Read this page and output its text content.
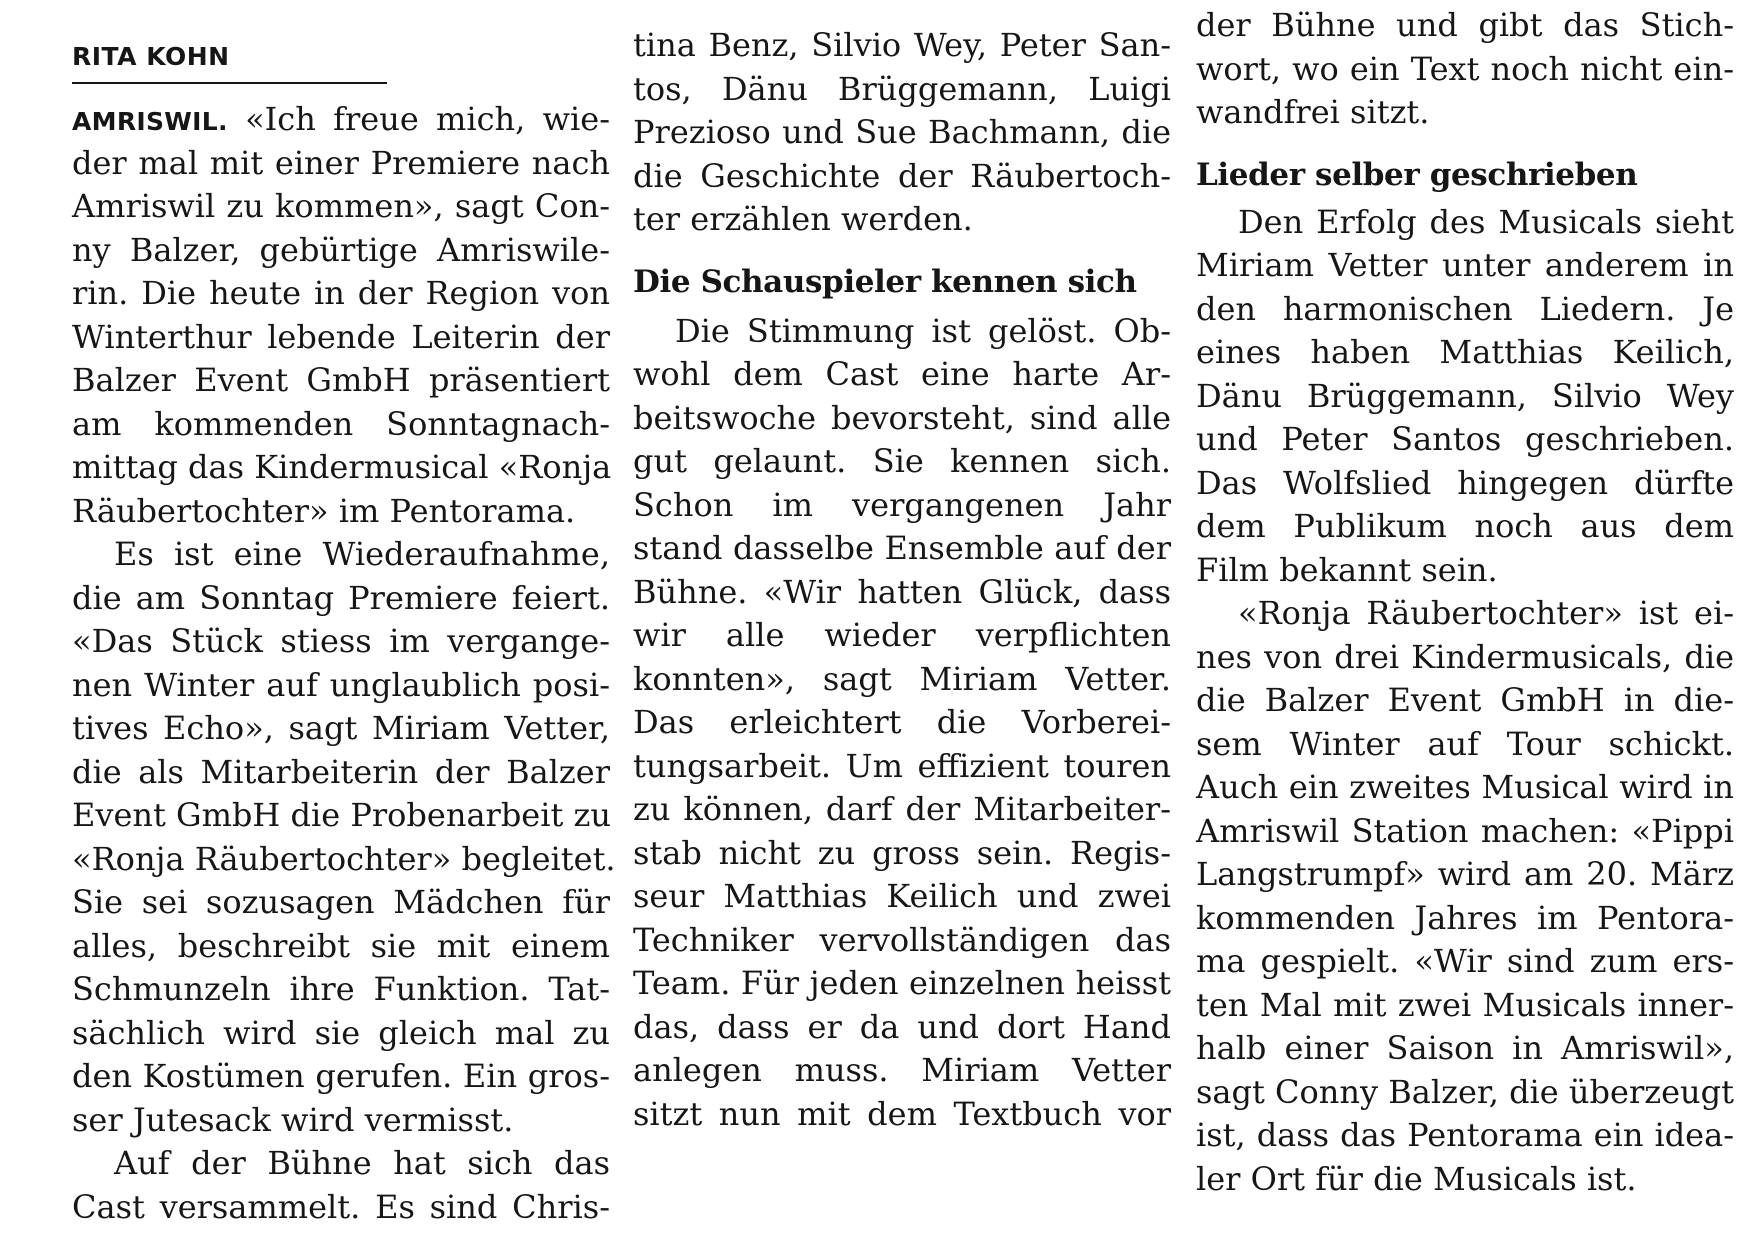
RITA KOHN
AMRISWIL. «Ich freue mich, wie-
der mal mit einer Premiere nach
Amriswil zu kommen», sagt Con-
ny Balzer, gebürtige Amriswile-
rin. Die heute in der Region von
Winterthur lebende Leiterin der
Balzer Event GmbH präsentiert
am kommenden Sonntagnach-
mittag das Kindermusical «Ronja
Räubertochter» im Pentorama.
Es ist eine Wiederaufnahme,
die am Sonntag Premiere feiert.
«Das Stück stiess im vergange-
nen Winter auf unglaublich posi-
tives Echo», sagt Miriam Vetter,
die als Mitarbeiterin der Balzer
Event GmbH die Probenarbeit zu
«Ronja Räubertochter» begleitet.
Sie sei sozusagen Mädchen für
alles, beschreibt sie mit einem
Schmunzeln ihre Funktion. Tat-
sächlich wird sie gleich mal zu
den Kostümen gerufen. Ein gros-
ser Jutesack wird vermisst.
Auf der Bühne hat sich das
Cast versammelt. Es sind Chris-
tina Benz, Silvio Wey, Peter San-
tos, Dänu Brüggemann, Luigi
Prezioso und Sue Bachmann, die
die Geschichte der Räubertoch-
ter erzählen werden.
Die Schauspieler kennen sich
Die Stimmung ist gelöst. Ob-
wohl dem Cast eine harte Ar-
beitswoche bevorsteht, sind alle
gut gelaunt. Sie kennen sich.
Schon im vergangenen Jahr
stand dasselbe Ensemble auf der
Bühne. «Wir hatten Glück, dass
wir alle wieder verpflichten
konnten», sagt Miriam Vetter.
Das erleichtert die Vorberei-
tungsarbeit. Um effizient touren
zu können, darf der Mitarbeiter-
stab nicht zu gross sein. Regis-
seur Matthias Keilich und zwei
Techniker vervollständigen das
Team. Für jeden einzelnen heisst
das, dass er da und dort Hand
anlegen muss. Miriam Vetter
sitzt nun mit dem Textbuch vor
der Bühne und gibt das Stich-
wort, wo ein Text noch nicht ein-
wandfrei sitzt.
Lieder selber geschrieben
Den Erfolg des Musicals sieht
Miriam Vetter unter anderem in
den harmonischen Liedern. Je
eines haben Matthias Keilich,
Dänu Brüggemann, Silvio Wey
und Peter Santos geschrieben.
Das Wolfslied hingegen dürfte
dem Publikum noch aus dem
Film bekannt sein.
«Ronja Räubertochter» ist ei-
nes von drei Kindermusicals, die
die Balzer Event GmbH in die-
sem Winter auf Tour schickt.
Auch ein zweites Musical wird in
Amriswil Station machen: «Pippi
Langstrumpf» wird am 20. März
kommenden Jahres im Pentora-
ma gespielt. «Wir sind zum ers-
ten Mal mit zwei Musicals inner-
halb einer Saison in Amriswil»,
sagt Conny Balzer, die überzeugt
ist, dass das Pentorama ein idea-
ler Ort für die Musicals ist.
